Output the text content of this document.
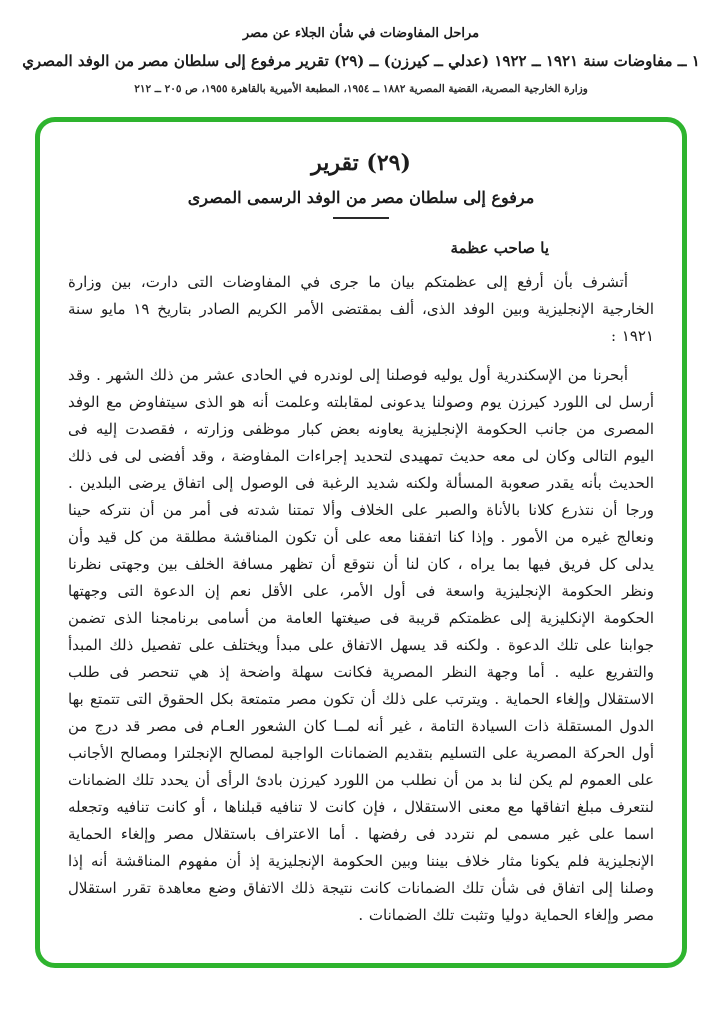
مراحل المفاوضات في شأن الجلاء عن مصر

١ ــ مفاوضات سنة ١٩٢١ ــ ١٩٢٢ (عدلي ــ كيرزن) ــ (٢٩) تقرير مرفوع إلى سلطان مصر من الوفد المصري

وزارة الخارجية المصرية، القضية المصرية ١٨٨٢ ــ ١٩٥٤، المطبعة الأميرية بالقاهرة ١٩٥٥، ص ٢٠٥ ــ ٢١٢

(٢٩) تقرير
مرفوع إلى سلطان مصر من الوفد الرسمى المصرى

يا صاحب عظمة

أتشرف بأن أرفع إلى عظمتكم بيان ما جرى في المفاوضات التى دارت، بين وزارة الخارجية الإنجليزية وبين الوفد الذى، ألف بمقتضى الأمر الكريم الصادر بتاريخ ١٩ مايو سنة ١٩٢١ :

أبحرنا من الإسكندرية أول يوليه فوصلنا إلى لوندره في الحادى عشر من ذلك الشهر . وقد أرسل لى اللورد كيرزن يوم وصولنا يدعونى لمقابلته وعلمت أنه هو الذى سيتفاوض مع الوفد المصرى من جانب الحكومة الإنجليزية يعاونه بعض كبار موظفى وزارته ، فقصدت إليه فى اليوم التالى وكان لى معه حديث تمهيدى لتحديد إجراءات المفاوضة ، وقد أفضى لى فى ذلك الحديث بأنه يقدر صعوبة المسألة ولكنه شديد الرغبة فى الوصول إلى اتفاق يرضى البلدين . ورجا أن نتذرع كلانا بالأناة والصبر على الخلاف وألا تمتنا شدته فى أمر من أن نتركه حينا ونعالج غيره من الأمور . وإذا كنا اتفقنا معه على أن تكون المناقشة مطلقة من كل قيد وأن يدلى كل فريق فيها بما يراه ، كان لنا أن نتوقع أن تظهر مسافة الخلف بين وجهتى نظرنا ونظر الحكومة الإنجليزية واسعة فى أول الأمر، على الأقل نعم إن الدعوة التى وجهتها الحكومة الإنكليزية إلى عظمتكم قريبة فى صيغتها العامة من أسامى برنامجنا الذى تضمن جوابنا على تلك الدعوة . ولكنه قد يسهل الاتفاق على مبدأ ويختلف على تفصيل ذلك المبدأ والتفريع عليه . أما وجهة النظر المصرية فكانت سهلة واضحة إذ هي تنحصر فى طلب الاستقلال وإلغاء الحماية . ويترتب على ذلك أن تكون مصر متمتعة بكل الحقوق التى تتمتع بها الدول المستقلة ذات السيادة التامة ، غير أنه لمــا كان الشعور العـام فى مصر قد درج من أول الحركة المصرية على التسليم بتقديم الضمانات الواجبة لمصالح الإنجلترا ومصالح الأجانب على العموم لم يكن لنا بد من أن نطلب من اللورد كيرزن بادئ الرأى أن يحدد تلك الضمانات لنتعرف مبلغ اتفاقها مع معنى الاستقلال ، فإن كانت لا تنافيه قبلناها ، أو كانت تنافيه وتجعله اسما على غير مسمى لم نتردد فى رفضها . أما الاعتراف باستقلال مصر وإلغاء الحماية الإنجليزية فلم يكونا مثار خلاف بيننا وبين الحكومة الإنجليزية إذ أن مفهوم المناقشة أنه إذا وصلنا إلى اتفاق فى شأن تلك الضمانات كانت نتيجة ذلك الاتفاق وضع معاهدة تقرر استقلال مصر وإلغاء الحماية دوليا وتثبت تلك الضمانات .
